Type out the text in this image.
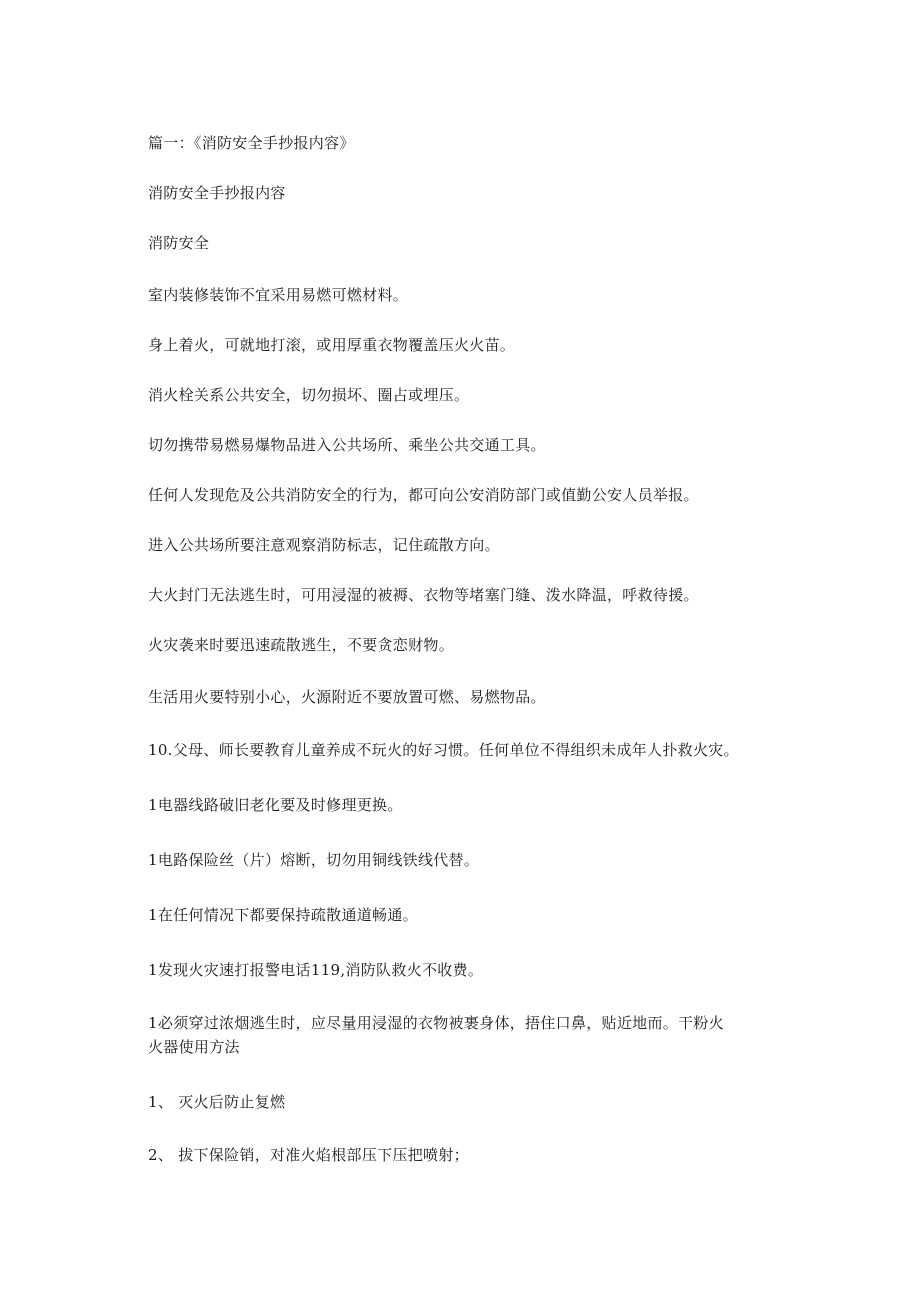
篇一：《消防安全手抄报内容》
消防安全手抄报内容
消防安全
室内装修装饰不宜采用易燃可燃材料。
身上着火，可就地打滚，或用厚重衣物覆盖压火火苗。
消火栓关系公共安全，切勿损坏、圈占或埋压。
切勿携带易燃易爆物品进入公共场所、乘坐公共交通工具。
任何人发现危及公共消防安全的行为，都可向公安消防部门或值勤公安人员举报。
进入公共场所要注意观察消防标志，记住疏散方向。
大火封门无法逃生时，可用浸湿的被褥、衣物等堵塞门缝、泼水降温，呼救待援。
火灾袭来时要迅速疏散逃生，不要贪恋财物。
生活用火要特别小心，火源附近不要放置可燃、易燃物品。
10.父母、师长要教育儿童养成不玩火的好习惯。任何单位不得组织未成年人扑救火灾。
1电器线路破旧老化要及时修理更换。
1电路保险丝（片）熔断，切勿用铜线铁线代替。
1在任何情况下都要保持疏散通道畅通。
1发现火灾速打报警电话119,消防队救火不收费。
1必须穿过浓烟逃生时，应尽量用浸湿的衣物被裹身体，捂住口鼻，贴近地而。干粉火火器使用方法
1、 灭火后防止复燃
2、 拔下保险销，对准火焰根部压下压把喷射；
